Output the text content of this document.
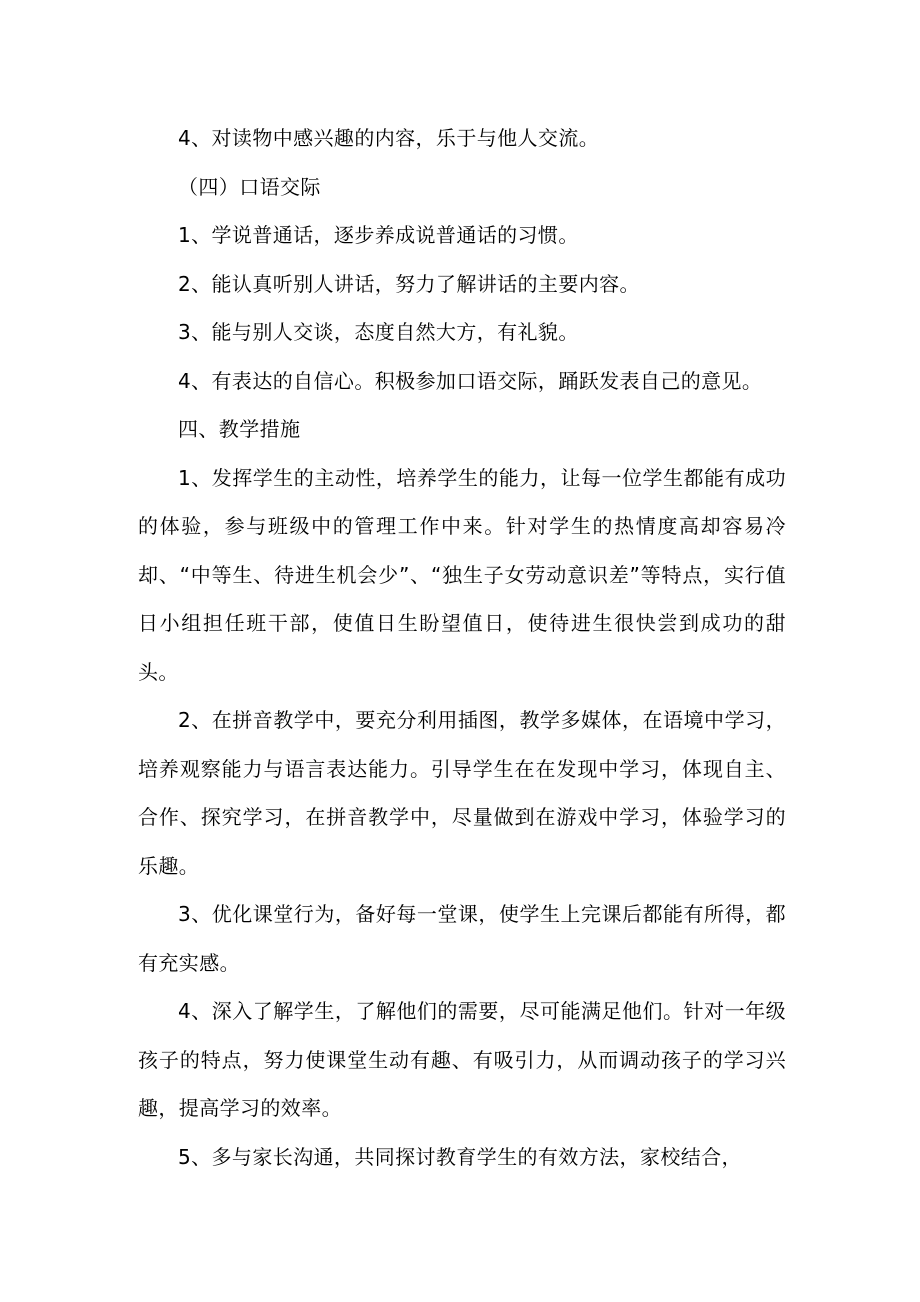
4、对读物中感兴趣的内容，乐于与他人交流。

（四）口语交际

1、学说普通话，逐步养成说普通话的习惯。

2、能认真听别人讲话，努力了解讲话的主要内容。

3、能与别人交谈，态度自然大方，有礼貌。

4、有表达的自信心。积极参加口语交际，踊跃发表自己的意见。

四、教学措施

1、发挥学生的主动性，培养学生的能力，让每一位学生都能有成功的体验，参与班级中的管理工作中来。针对学生的热情度高却容易冷却、“中等生、待进生机会少”、“独生子女劳动意识差”等特点，实行值日小组担任班干部，使值日生盼望值日，使待进生很快尝到成功的甜头。

2、在拼音教学中，要充分利用插图，教学多媒体，在语境中学习，培养观察能力与语言表达能力。引导学生在在发现中学习，体现自主、合作、探究学习，在拼音教学中，尽量做到在游戏中学习，体验学习的乐趣。

3、优化课堂行为，备好每一堂课，使学生上完课后都能有所得，都有充实感。

4、深入了解学生，了解他们的需要，尽可能满足他们。针对一年级孩子的特点，努力使课堂生动有趣、有吸引力，从而调动孩子的学习兴趣，提高学习的效率。

5、多与家长沟通，共同探讨教育学生的有效方法，家校结合，
